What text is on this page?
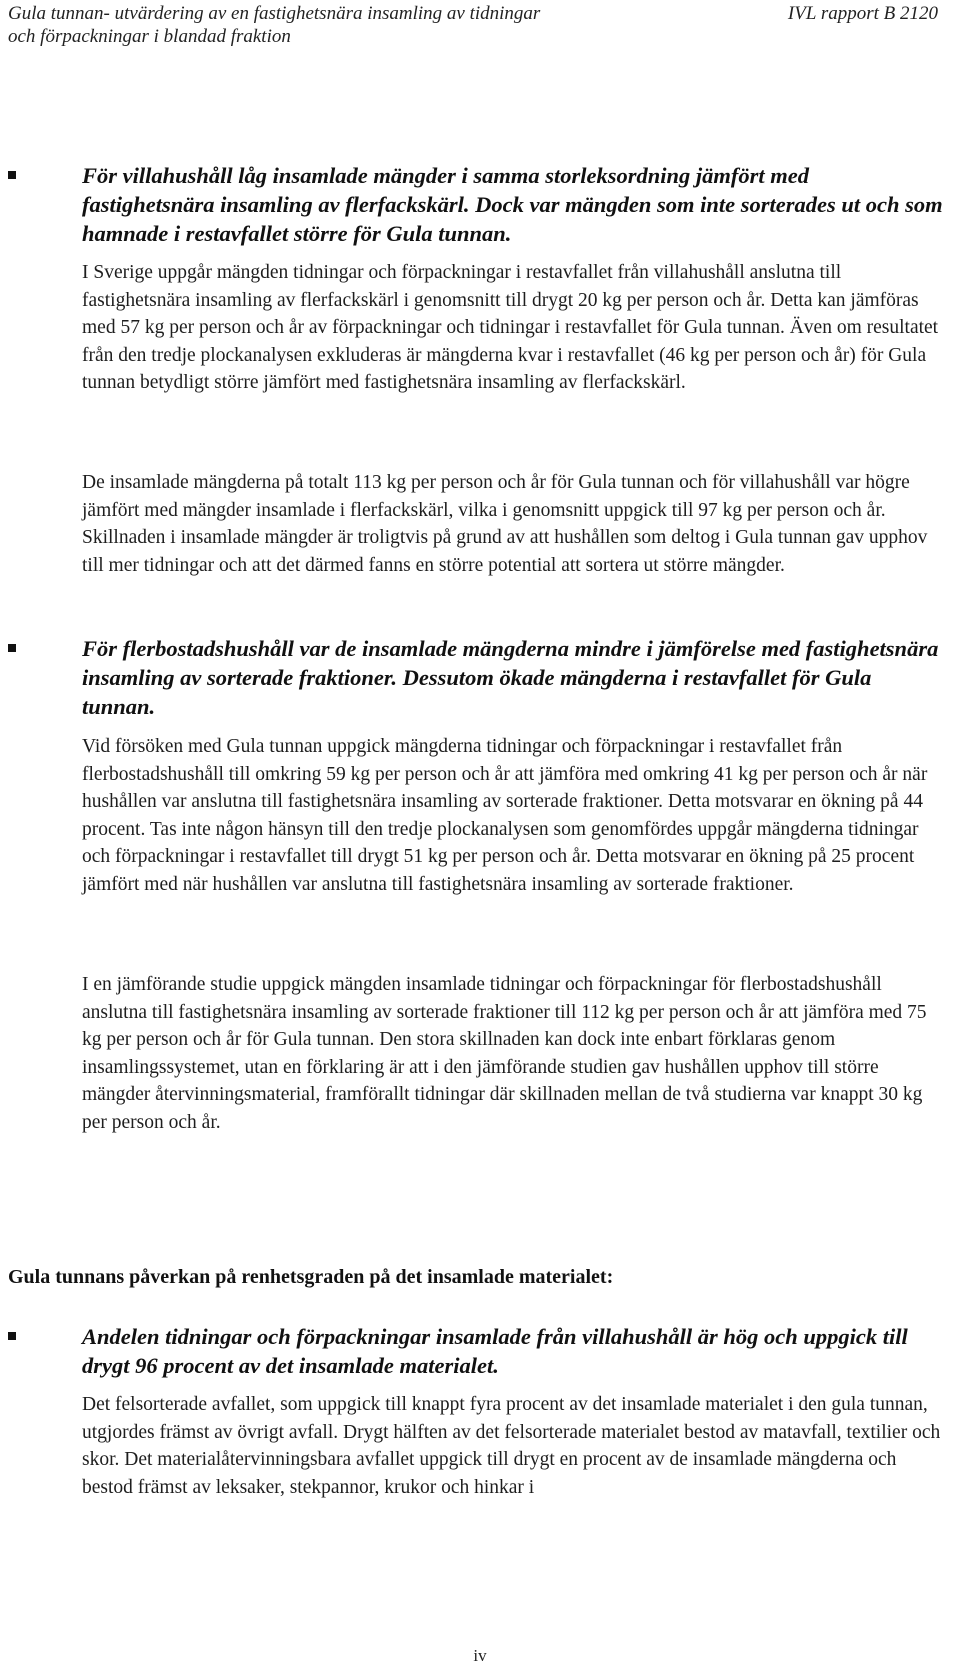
Gula tunnan- utvärdering av en fastighetsnära insamling av tidningar
och förpackningar i blandad fraktion
IVL rapport B 2120
För villahushåll låg insamlade mängder i samma storleksordning jämfört med fastighetsnära insamling av flerfackskärl. Dock var mängden som inte sorterades ut och som hamnade i restavfallet större för Gula tunnan.
I Sverige uppgår mängden tidningar och förpackningar i restavfallet från villahushåll anslutna till fastighetsnära insamling av flerfackskärl i genomsnitt till drygt 20 kg per person och år. Detta kan jämföras med 57 kg per person och år av förpackningar och tidningar i restavfallet för Gula tunnan. Även om resultatet från den tredje plockanalysen exkluderas är mängderna kvar i restavfallet (46 kg per person och år) för Gula tunnan betydligt större jämfört med fastighetsnära insamling av flerfackskärl.
De insamlade mängderna på totalt 113 kg per person och år för Gula tunnan och för villahushåll var högre jämfört med mängder insamlade i flerfackskärl, vilka i genomsnitt uppgick till 97 kg per person och år. Skillnaden i insamlade mängder är troligtvis på grund av att hushållen som deltog i Gula tunnan gav upphov till mer tidningar och att det därmed fanns en större potential att sortera ut större mängder.
För flerbostadshushåll var de insamlade mängderna mindre i jämförelse med fastighetsnära insamling av sorterade fraktioner. Dessutom ökade mängderna i restavfallet för Gula tunnan.
Vid försöken med Gula tunnan uppgick mängderna tidningar och förpackningar i restavfallet från flerbostadshushåll till omkring 59 kg per person och år att jämföra med omkring 41 kg per person och år när hushållen var anslutna till fastighetsnära insamling av sorterade fraktioner. Detta motsvarar en ökning på 44 procent. Tas inte någon hänsyn till den tredje plockanalysen som genomfördes uppgår mängderna tidningar och förpackningar i restavfallet till drygt 51 kg per person och år. Detta motsvarar en ökning på 25 procent jämfört med när hushållen var anslutna till fastighetsnära insamling av sorterade fraktioner.
I en jämförande studie uppgick mängden insamlade tidningar och förpackningar för flerbostadshushåll anslutna till fastighetsnära insamling av sorterade fraktioner till 112 kg per person och år att jämföra med 75 kg per person och år för Gula tunnan. Den stora skillnaden kan dock inte enbart förklaras genom insamlingssystemet, utan en förklaring är att i den jämförande studien gav hushållen upphov till större mängder återvinningsmaterial, framförallt tidningar där skillnaden mellan de två studierna var knappt 30 kg per person och år.
Gula tunnans påverkan på renhetsgraden på det insamlade materialet:
Andelen tidningar och förpackningar insamlade från villahushåll är hög och uppgick till drygt 96 procent av det insamlade materialet.
Det felsorterade avfallet, som uppgick till knappt fyra procent av det insamlade materialet i den gula tunnan, utgjordes främst av övrigt avfall. Drygt hälften av det felsorterade materialet bestod av matavfall, textilier och skor. Det materialåtervinningsbara avfallet uppgick till drygt en procent av de insamlade mängderna och bestod främst av leksaker, stekpannor, krukor och hinkar i
iv
